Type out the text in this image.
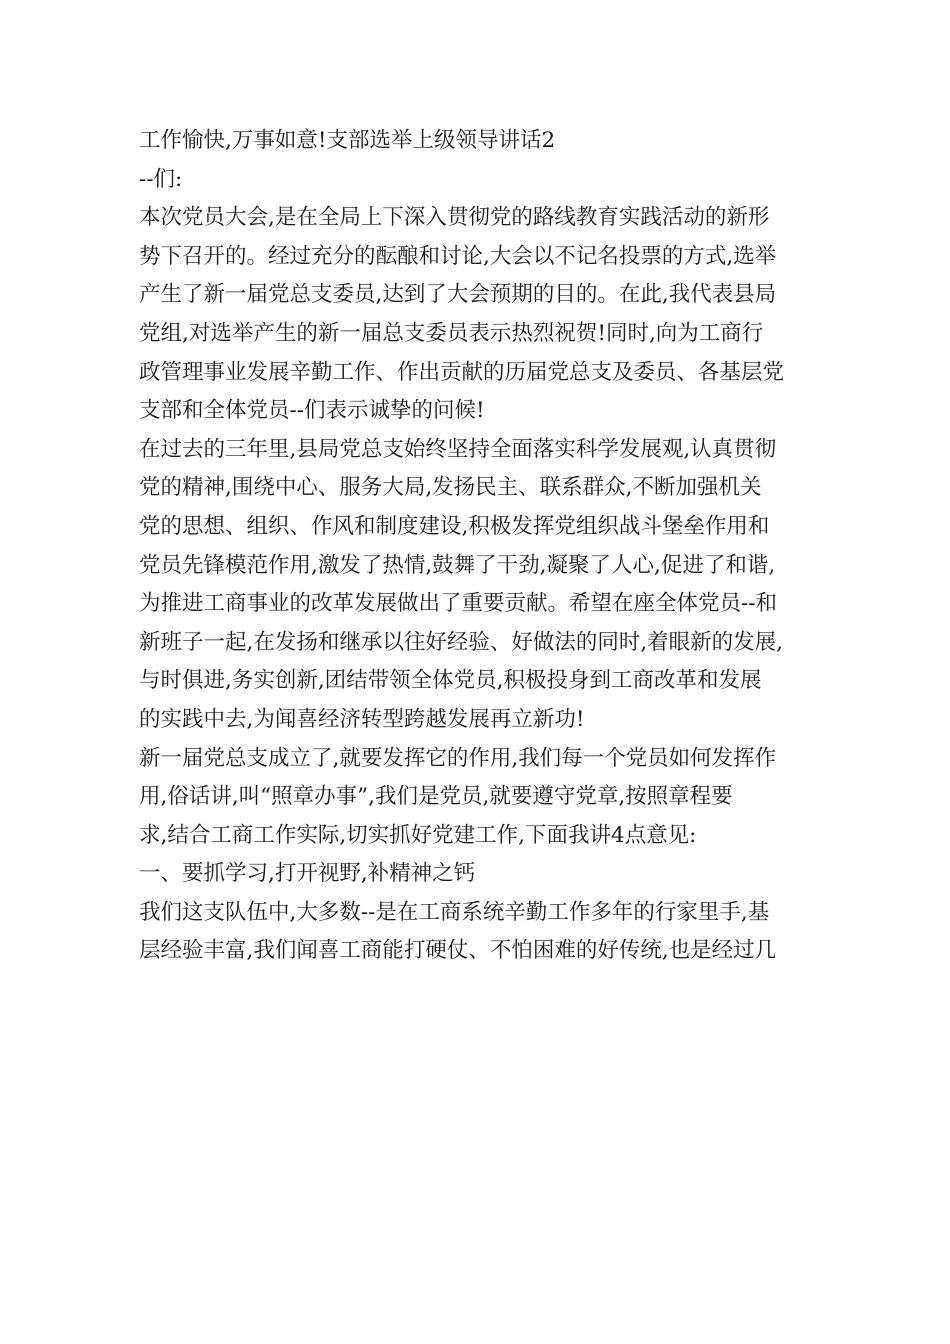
工作愉快,万事如意!支部选举上级领导讲话2
--们:
本次党员大会,是在全局上下深入贯彻党的路线教育实践活动的新形
势下召开的。经过充分的酝酿和讨论,大会以不记名投票的方式,选举
产生了新一届党总支委员,达到了大会预期的目的。在此,我代表县局
党组,对选举产生的新一届总支委员表示热烈祝贺!同时,向为工商行
政管理事业发展辛勤工作、作出贡献的历届党总支及委员、各基层党
支部和全体党员--们表示诚挚的问候!
在过去的三年里,县局党总支始终坚持全面落实科学发展观,认真贯彻
党的精神,围绕中心、服务大局,发扬民主、联系群众,不断加强机关
党的思想、组织、作风和制度建设,积极发挥党组织战斗堡垒作用和
党员先锋模范作用,激发了热情,鼓舞了干劲,凝聚了人心,促进了和谐,
为推进工商事业的改革发展做出了重要贡献。希望在座全体党员--和
新班子一起,在发扬和继承以往好经验、好做法的同时,着眼新的发展,
与时俱进,务实创新,团结带领全体党员,积极投身到工商改革和发展
的实践中去,为闻喜经济转型跨越发展再立新功!
新一届党总支成立了,就要发挥它的作用,我们每一个党员如何发挥作
用,俗话讲,叫“照章办事”,我们是党员,就要遵守党章,按照章程要
求,结合工商工作实际,切实抓好党建工作,下面我讲4点意见:
一、要抓学习,打开视野,补精神之钙
我们这支队伍中,大多数--是在工商系统辛勤工作多年的行家里手,基
层经验丰富,我们闻喜工商能打硬仗、不怕困难的好传统,也是经过几
